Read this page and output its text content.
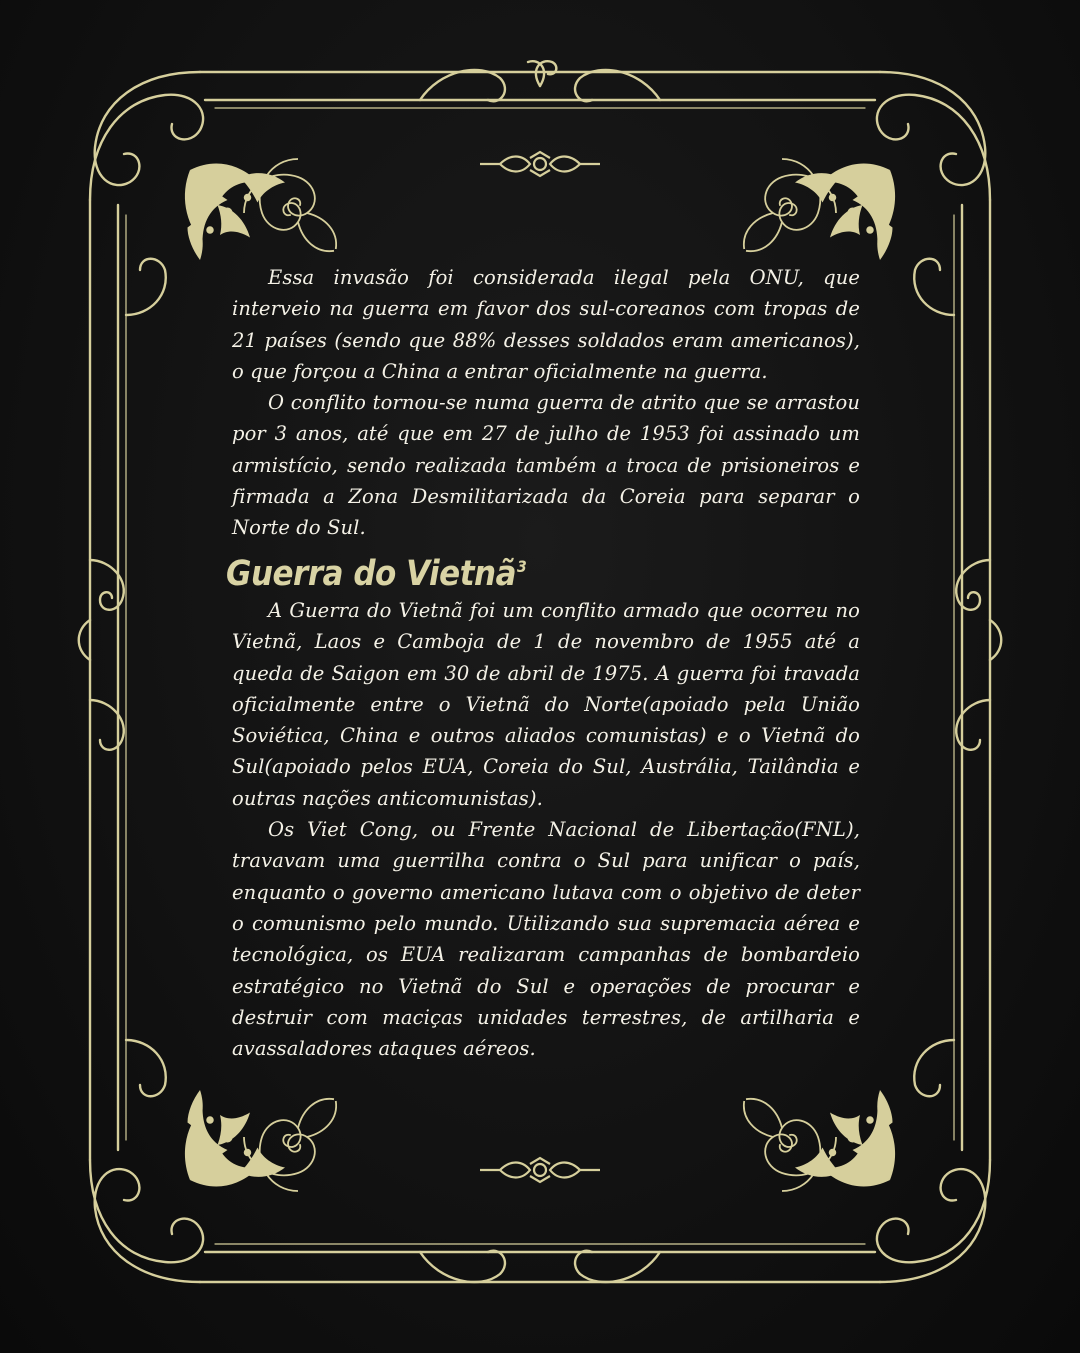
Essa invasão foi considerada ilegal pela ONU, que interveio na guerra em favor dos sul-coreanos com tropas de 21 países (sendo que 88% desses soldados eram americanos), o que forçou a China a entrar oficialmente na guerra.

O conflito tornou-se numa guerra de atrito que se arrastou por 3 anos, até que em 27 de julho de 1953 foi assinado um armistício, sendo realizada também a troca de prisioneiros e firmada a Zona Desmilitarizada da Coreia para separar o Norte do Sul.

Guerra do Vietnã$^3$

A Guerra do Vietnã foi um conflito armado que ocorreu no Vietnã, Laos e Camboja de 1 de novembro de 1955 até a queda de Saigon em 30 de abril de 1975. A guerra foi travada oficialmente entre o Vietnã do Norte(apoiado pela União Soviética, China e outros aliados comunistas) e o Vietnã do Sul(apoiado pelos EUA, Coreia do Sul, Austrália, Tailândia e outras nações anticomunistas).

Os Viet Cong, ou Frente Nacional de Libertação(FNL), travavam uma guerrilha contra o Sul para unificar o país, enquanto o governo americano lutava com o objetivo de deter o comunismo pelo mundo. Utilizando sua supremacia aérea e tecnológica, os EUA realizaram campanhas de bombardeio estratégico no Vietnã do Sul e operações de procurar e destruir com maciças unidades terrestres, de artilharia e avassaladores ataques aéreos.
